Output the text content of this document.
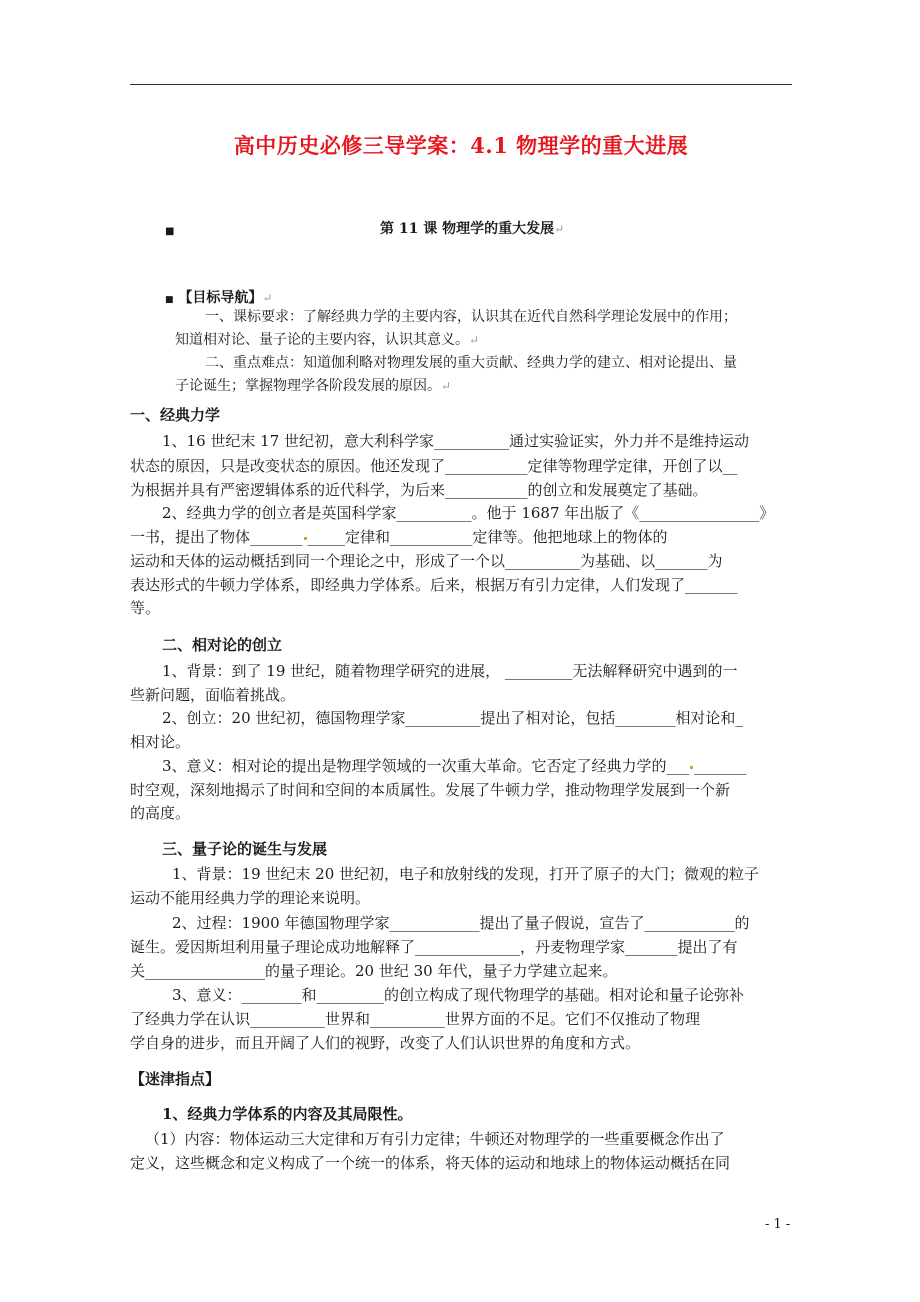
高中历史必修三导学案：4.1 物理学的重大进展
■	第 11 课 物理学的重大发展↵
■ 【目标导航】↵
一、课标要求：了解经典力学的主要内容，认识其在近代自然科学理论发展中的作用；
知道相对论、量子论的主要内容，认识其意义。↵
二、重点难点：知道伽利略对物理发展的重大贡献、经典力学的建立、相对论提出、量
子论诞生；掌握物理学各阶段发展的原因。↵
一、经典力学
1、16 世纪末 17 世纪初，意大利科学家__________通过实验证实，外力并不是维持运动
状态的原因，只是改变状态的原因。他还发现了___________定律等物理学定律，开创了以__
为根据并具有严密逻辑体系的近代科学，为后来___________的创立和发展奠定了基础。
2、经典力学的创立者是英国科学家__________。他于 1687 年出版了《________________》
一书，提出了物体_______ _____定律和___________定律等。他把地球上的物体的
运动和天体的运动概括到同一个理论之中，形成了一个以__________为基础、以_______为
表达形式的牛顿力学体系，即经典力学体系。后来，根据万有引力定律，人们发现了_______
等。
二、相对论的创立
1、背景：到了 19 世纪，随着物理学研究的进展， _________无法解释研究中遇到的一
些新问题，面临着挑战。
2、创立：20 世纪初，德国物理学家__________提出了相对论，包括________相对论和_
相对论。
3、意义：相对论的提出是物理学领域的一次重大革命。它否定了经典力学的___ _______
时空观，深刻地揭示了时间和空间的本质属性。发展了牛顿力学，推动物理学发展到一个新
的高度。
三、量子论的诞生与发展
1、背景：19 世纪末 20 世纪初，电子和放射线的发现，打开了原子的大门；微观的粒子
运动不能用经典力学的理论来说明。
2、过程：1900 年德国物理学家____________提出了量子假说，宣告了____________的
诞生。爱因斯坦利用量子理论成功地解释了______________，丹麦物理学家_______提出了有
关________________的量子理论。20 世纪 30 年代，量子力学建立起来。
3、意义：________和_________的创立构成了现代物理学的基础。相对论和量子论弥补
了经典力学在认识__________世界和__________世界方面的不足。它们不仅推动了物理
学自身的进步，而且开阔了人们的视野，改变了人们认识世界的角度和方式。
【迷津指点】
1、经典力学体系的内容及其局限性。
（1）内容：物体运动三大定律和万有引力定律；牛顿还对物理学的一些重要概念作出了
定义，这些概念和定义构成了一个统一的体系，将天体的运动和地球上的物体运动概括在同
- 1 -
